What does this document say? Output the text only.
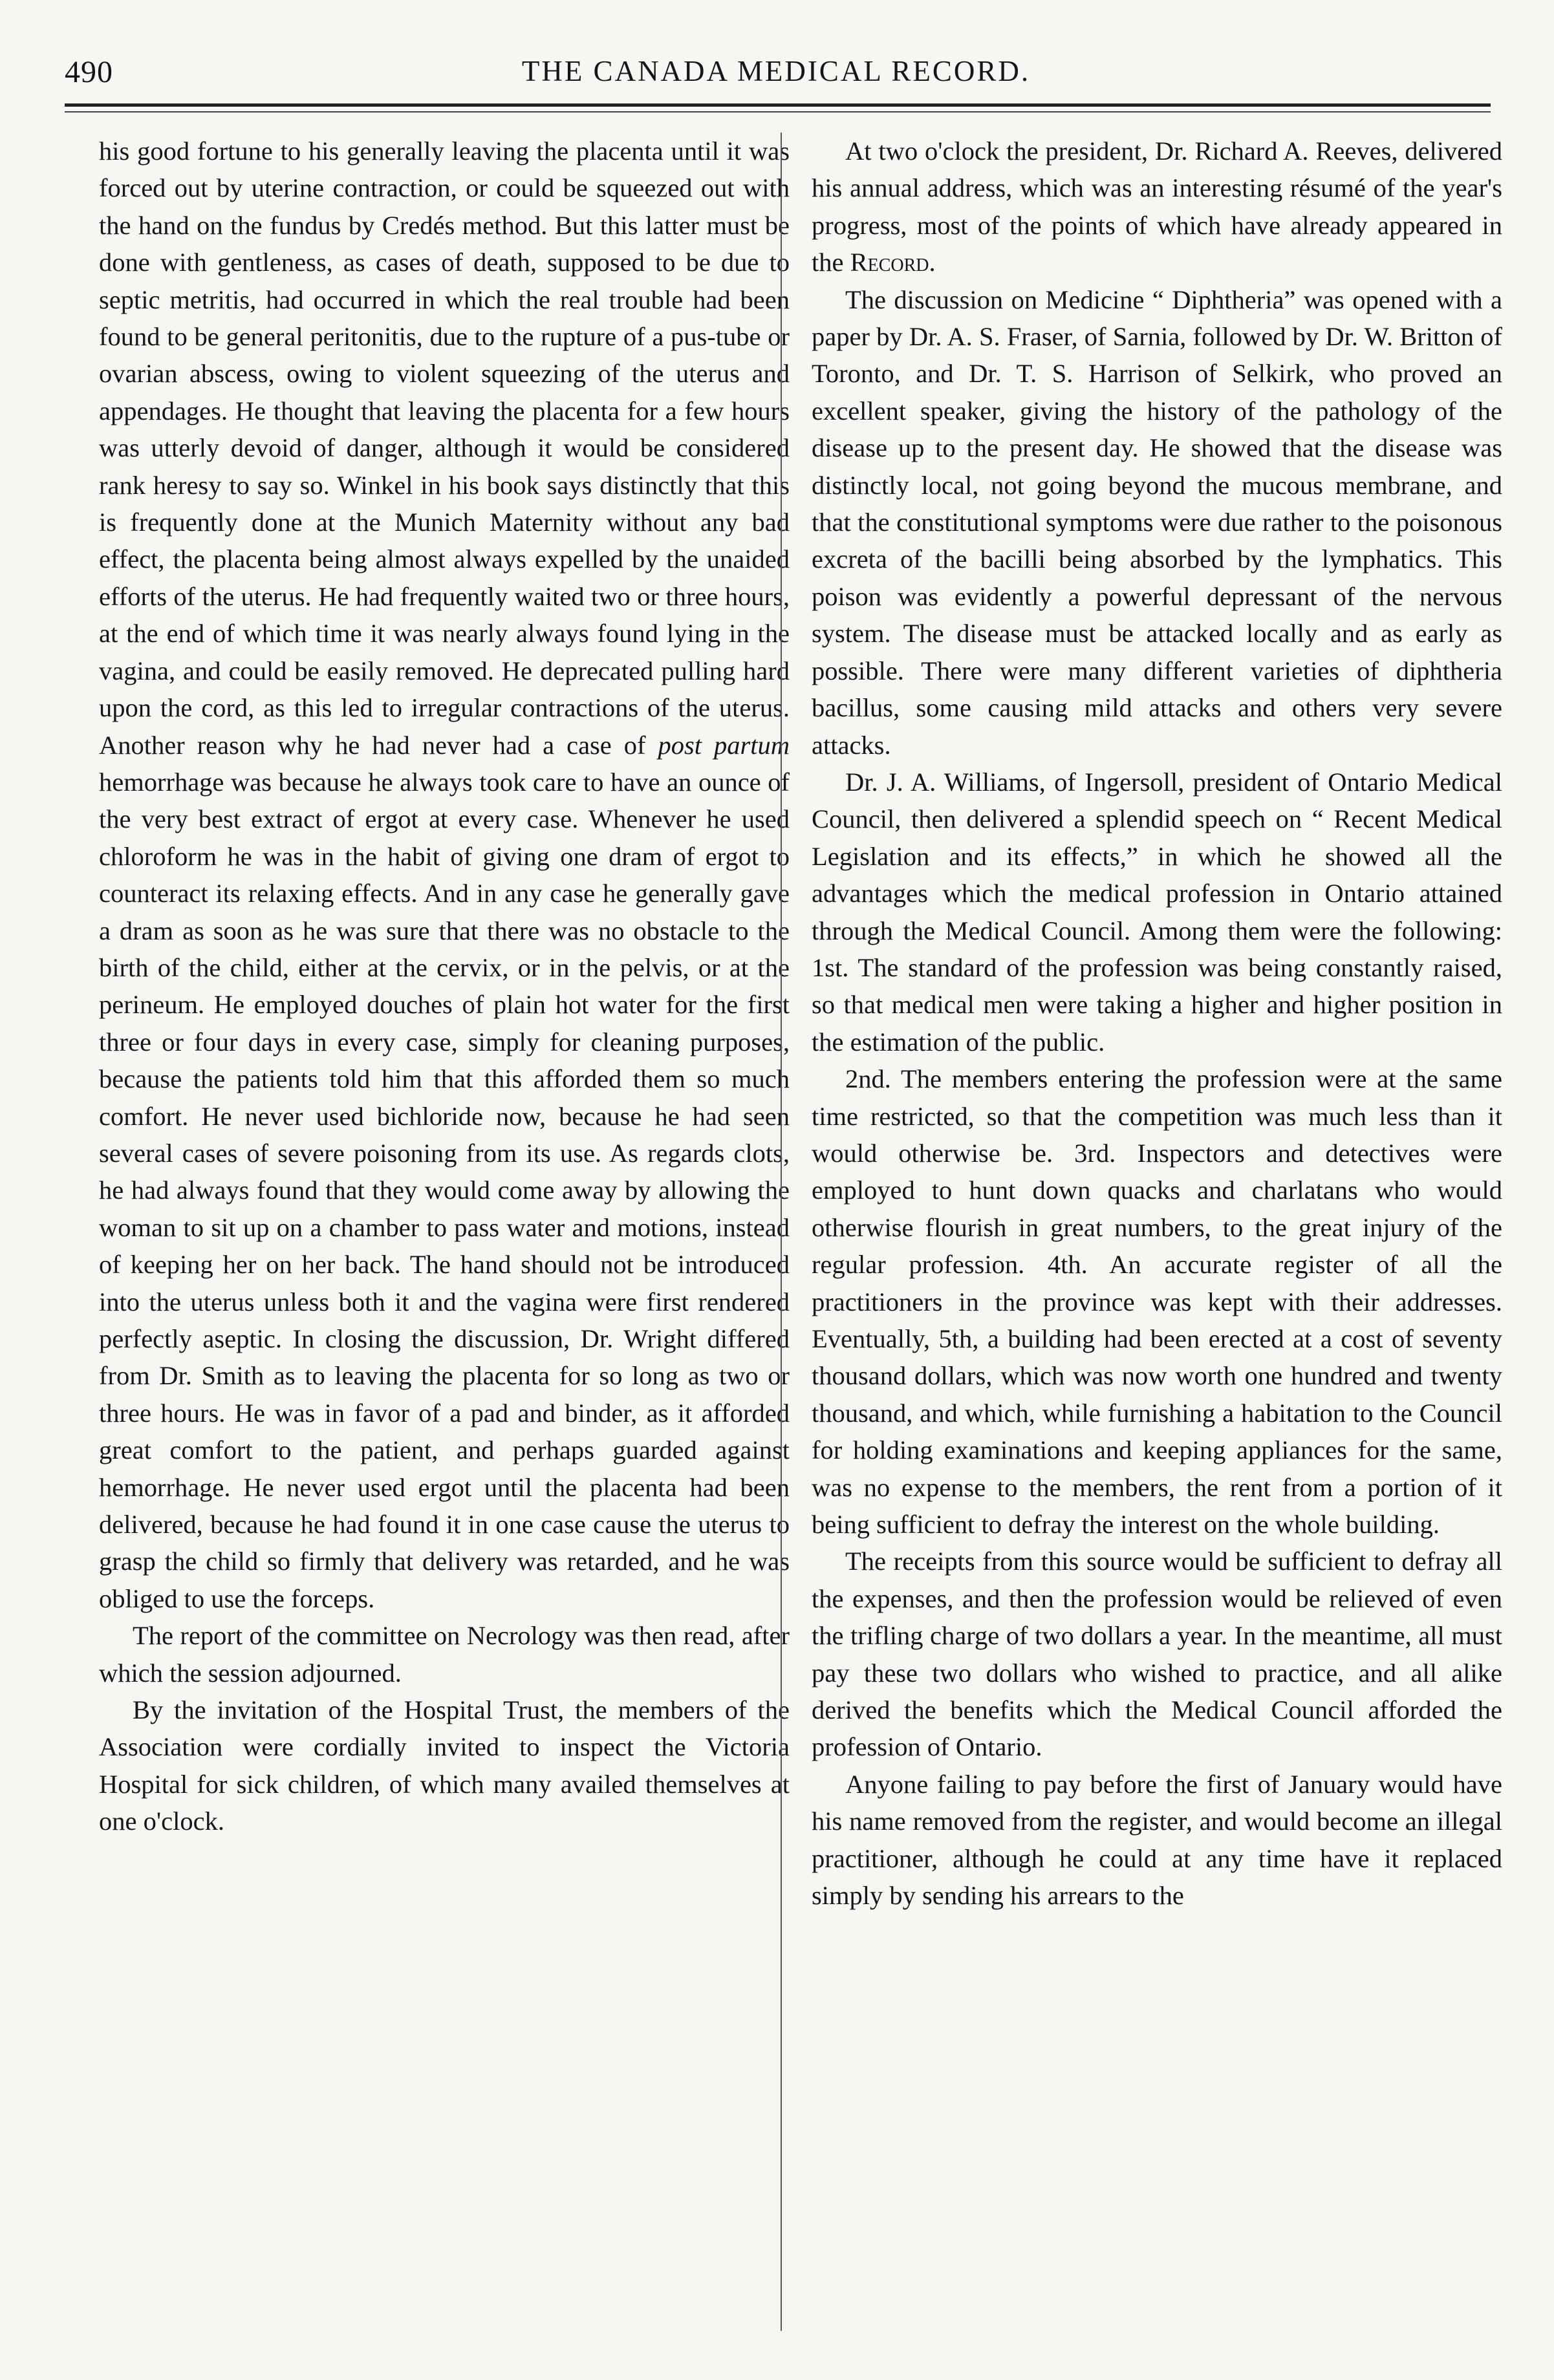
490	THE CANADA MEDICAL RECORD.

his good fortune to his generally leaving the placenta until it was forced out by uterine contraction, or could be squeezed out with the hand on the fundus by Credés method. But this latter must be done with gentleness, as cases of death, supposed to be due to septic metritis, had occurred in which the real trouble had been found to be general peritonitis, due to the rupture of a pus-tube or ovarian abscess, owing to violent squeezing of the uterus and appendages. He thought that leaving the placenta for a few hours was utterly devoid of danger, although it would be considered rank heresy to say so. Winkel in his book says distinctly that this is frequently done at the Munich Maternity without any bad effect, the placenta being almost always expelled by the unaided efforts of the uterus. He had frequently waited two or three hours, at the end of which time it was nearly always found lying in the vagina, and could be easily removed. He deprecated pulling hard upon the cord, as this led to irregular contractions of the uterus. Another reason why he had never had a case of post partum hemorrhage was because he always took care to have an ounce of the very best extract of ergot at every case. Whenever he used chloroform he was in the habit of giving one dram of ergot to counteract its relaxing effects. And in any case he generally gave a dram as soon as he was sure that there was no obstacle to the birth of the child, either at the cervix, or in the pelvis, or at the perineum. He employed douches of plain hot water for the first three or four days in every case, simply for cleaning purposes, because the patients told him that this afforded them so much comfort. He never used bichloride now, because he had seen several cases of severe poisoning from its use. As regards clots, he had always found that they would come away by allowing the woman to sit up on a chamber to pass water and motions, instead of keeping her on her back. The hand should not be introduced into the uterus unless both it and the vagina were first rendered perfectly aseptic. In closing the discussion, Dr. Wright differed from Dr. Smith as to leaving the placenta for so long as two or three hours. He was in favor of a pad and binder, as it afforded great comfort to the patient, and perhaps guarded against hemorrhage. He never used ergot until the placenta had been delivered, because he had found it in one case cause the uterus to grasp the child so firmly that delivery was retarded, and he was obliged to use the forceps.

The report of the committee on Necrology was then read, after which the session adjourned.

By the invitation of the Hospital Trust, the members of the Association were cordially invited to inspect the Victoria Hospital for sick children, of which many availed themselves at one o'clock.

At two o'clock the president, Dr. Richard A. Reeves, delivered his annual address, which was an interesting résumé of the year's progress, most of the points of which have already appeared in the Record.

The discussion on Medicine “ Diphtheria” was opened with a paper by Dr. A. S. Fraser, of Sarnia, followed by Dr. W. Britton of Toronto, and Dr. T. S. Harrison of Selkirk, who proved an excellent speaker, giving the history of the pathology of the disease up to the present day. He showed that the disease was distinctly local, not going beyond the mucous membrane, and that the constitutional symptoms were due rather to the poisonous excreta of the bacilli being absorbed by the lymphatics. This poison was evidently a powerful depressant of the nervous system. The disease must be attacked locally and as early as possible. There were many different varieties of diphtheria bacillus, some causing mild attacks and others very severe attacks.

Dr. J. A. Williams, of Ingersoll, president of Ontario Medical Council, then delivered a splendid speech on “ Recent Medical Legislation and its effects,” in which he showed all the advantages which the medical profession in Ontario attained through the Medical Council. Among them were the following: 1st. The standard of the profession was being constantly raised, so that medical men were taking a higher and higher position in the estimation of the public.

2nd. The members entering the profession were at the same time restricted, so that the competition was much less than it would otherwise be. 3rd. Inspectors and detectives were employed to hunt down quacks and charlatans who would otherwise flourish in great numbers, to the great injury of the regular profession. 4th. An accurate register of all the practitioners in the province was kept with their addresses. Eventually, 5th, a building had been erected at a cost of seventy thousand dollars, which was now worth one hundred and twenty thousand, and which, while furnishing a habitation to the Council for holding examinations and keeping appliances for the same, was no expense to the members, the rent from a portion of it being sufficient to defray the interest on the whole building.

The receipts from this source would be sufficient to defray all the expenses, and then the profession would be relieved of even the trifling charge of two dollars a year. In the meantime, all must pay these two dollars who wished to practice, and all alike derived the benefits which the Medical Council afforded the profession of Ontario.

Anyone failing to pay before the first of January would have his name removed from the register, and would become an illegal practitioner, although he could at any time have it replaced simply by sending his arrears to the
